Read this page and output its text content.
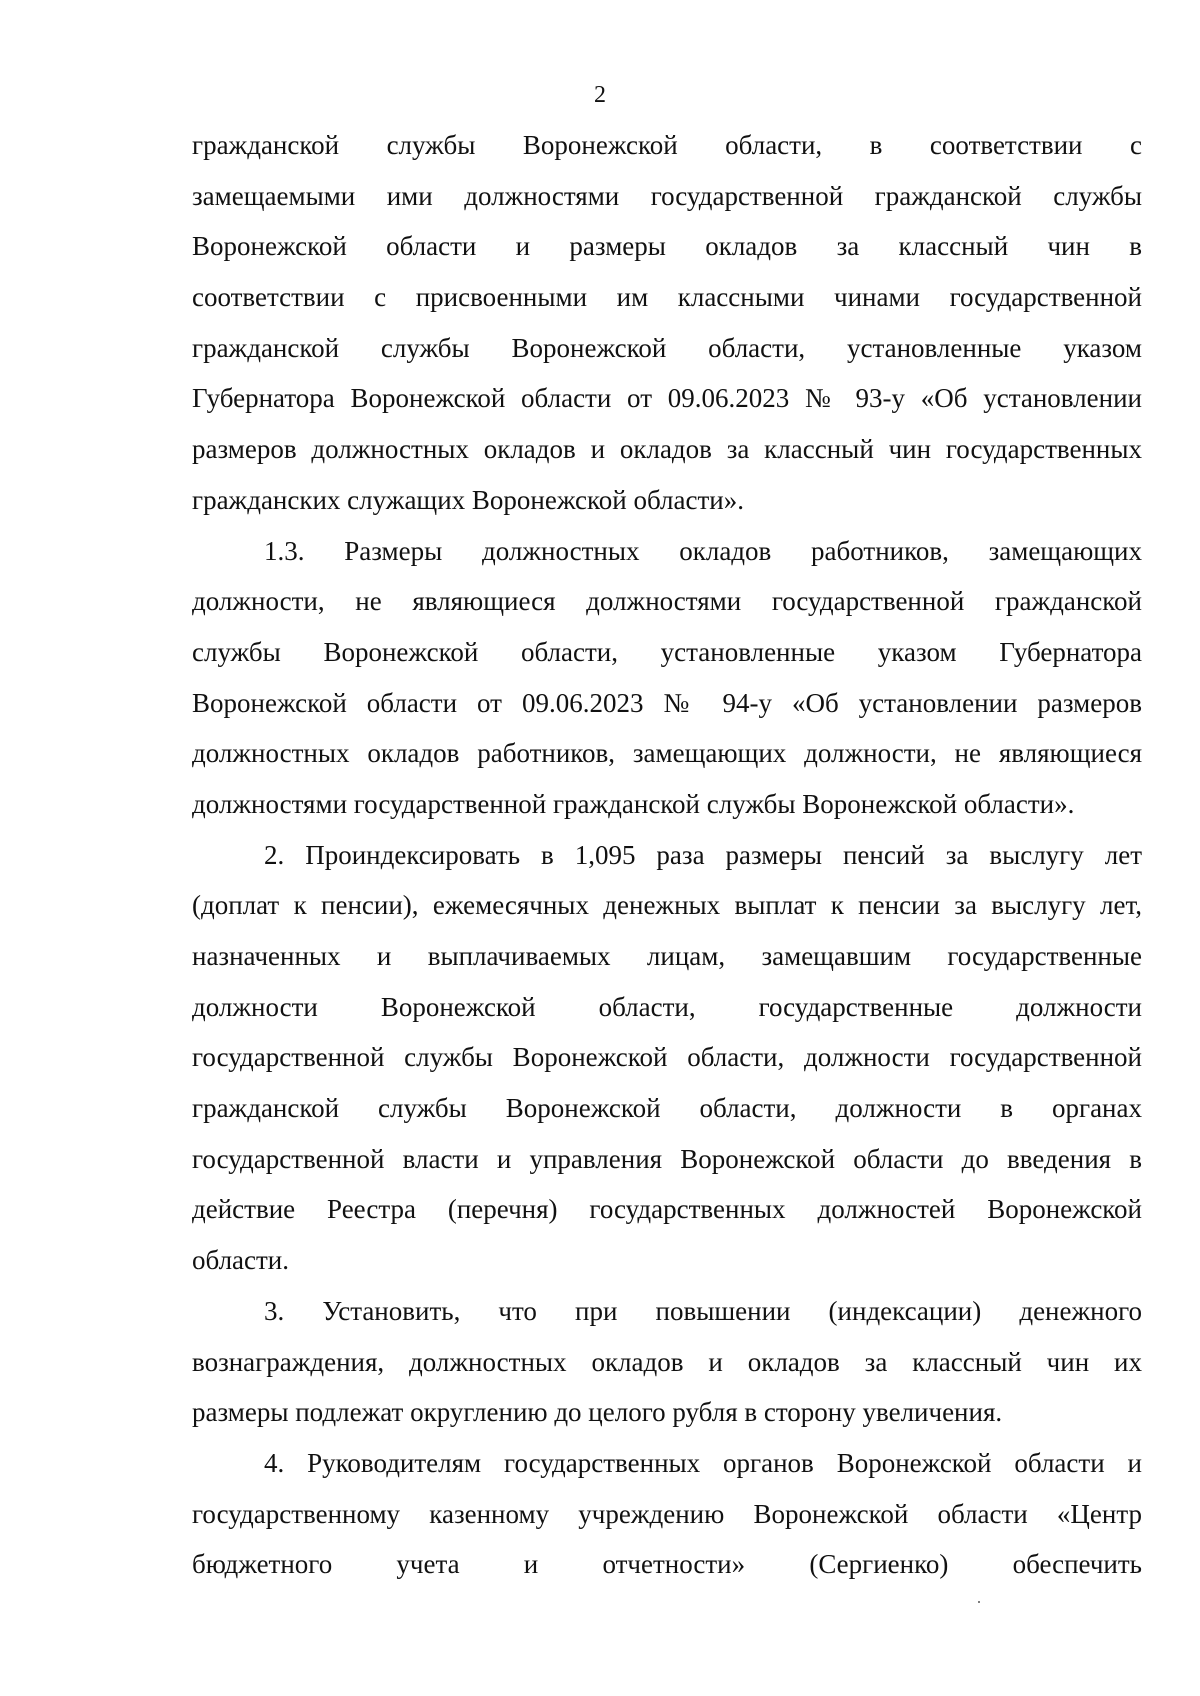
2
гражданской службы Воронежской области, в соответствии с
замещаемыми ими должностями государственной гражданской службы
Воронежской области и размеры окладов за классный чин в
соответствии с присвоенными им классными чинами государственной
гражданской службы Воронежской области, установленные указом
Губернатора Воронежской области от 09.06.2023 № 93-у «Об установлении
размеров должностных окладов и окладов за классный чин государственных
гражданских служащих Воронежской области».
1.3. Размеры должностных окладов работников, замещающих
должности, не являющиеся должностями государственной гражданской
службы Воронежской области, установленные указом Губернатора
Воронежской области от 09.06.2023 № 94-у «Об установлении размеров
должностных окладов работников, замещающих должности, не являющиеся
должностями государственной гражданской службы Воронежской области».
2. Проиндексировать в 1,095 раза размеры пенсий за выслугу лет
(доплат к пенсии), ежемесячных денежных выплат к пенсии за выслугу лет,
назначенных и выплачиваемых лицам, замещавшим государственные
должности Воронежской области, государственные должности
государственной службы Воронежской области, должности государственной
гражданской службы Воронежской области, должности в органах
государственной власти и управления Воронежской области до введения в
действие Реестра (перечня) государственных должностей Воронежской
области.
3. Установить, что при повышении (индексации) денежного
вознаграждения, должностных окладов и окладов за классный чин их
размеры подлежат округлению до целого рубля в сторону увеличения.
4. Руководителям государственных органов Воронежской области и
государственному казенному учреждению Воронежской области «Центр
бюджетного учета и отчетности» (Сергиенко) обеспечить
